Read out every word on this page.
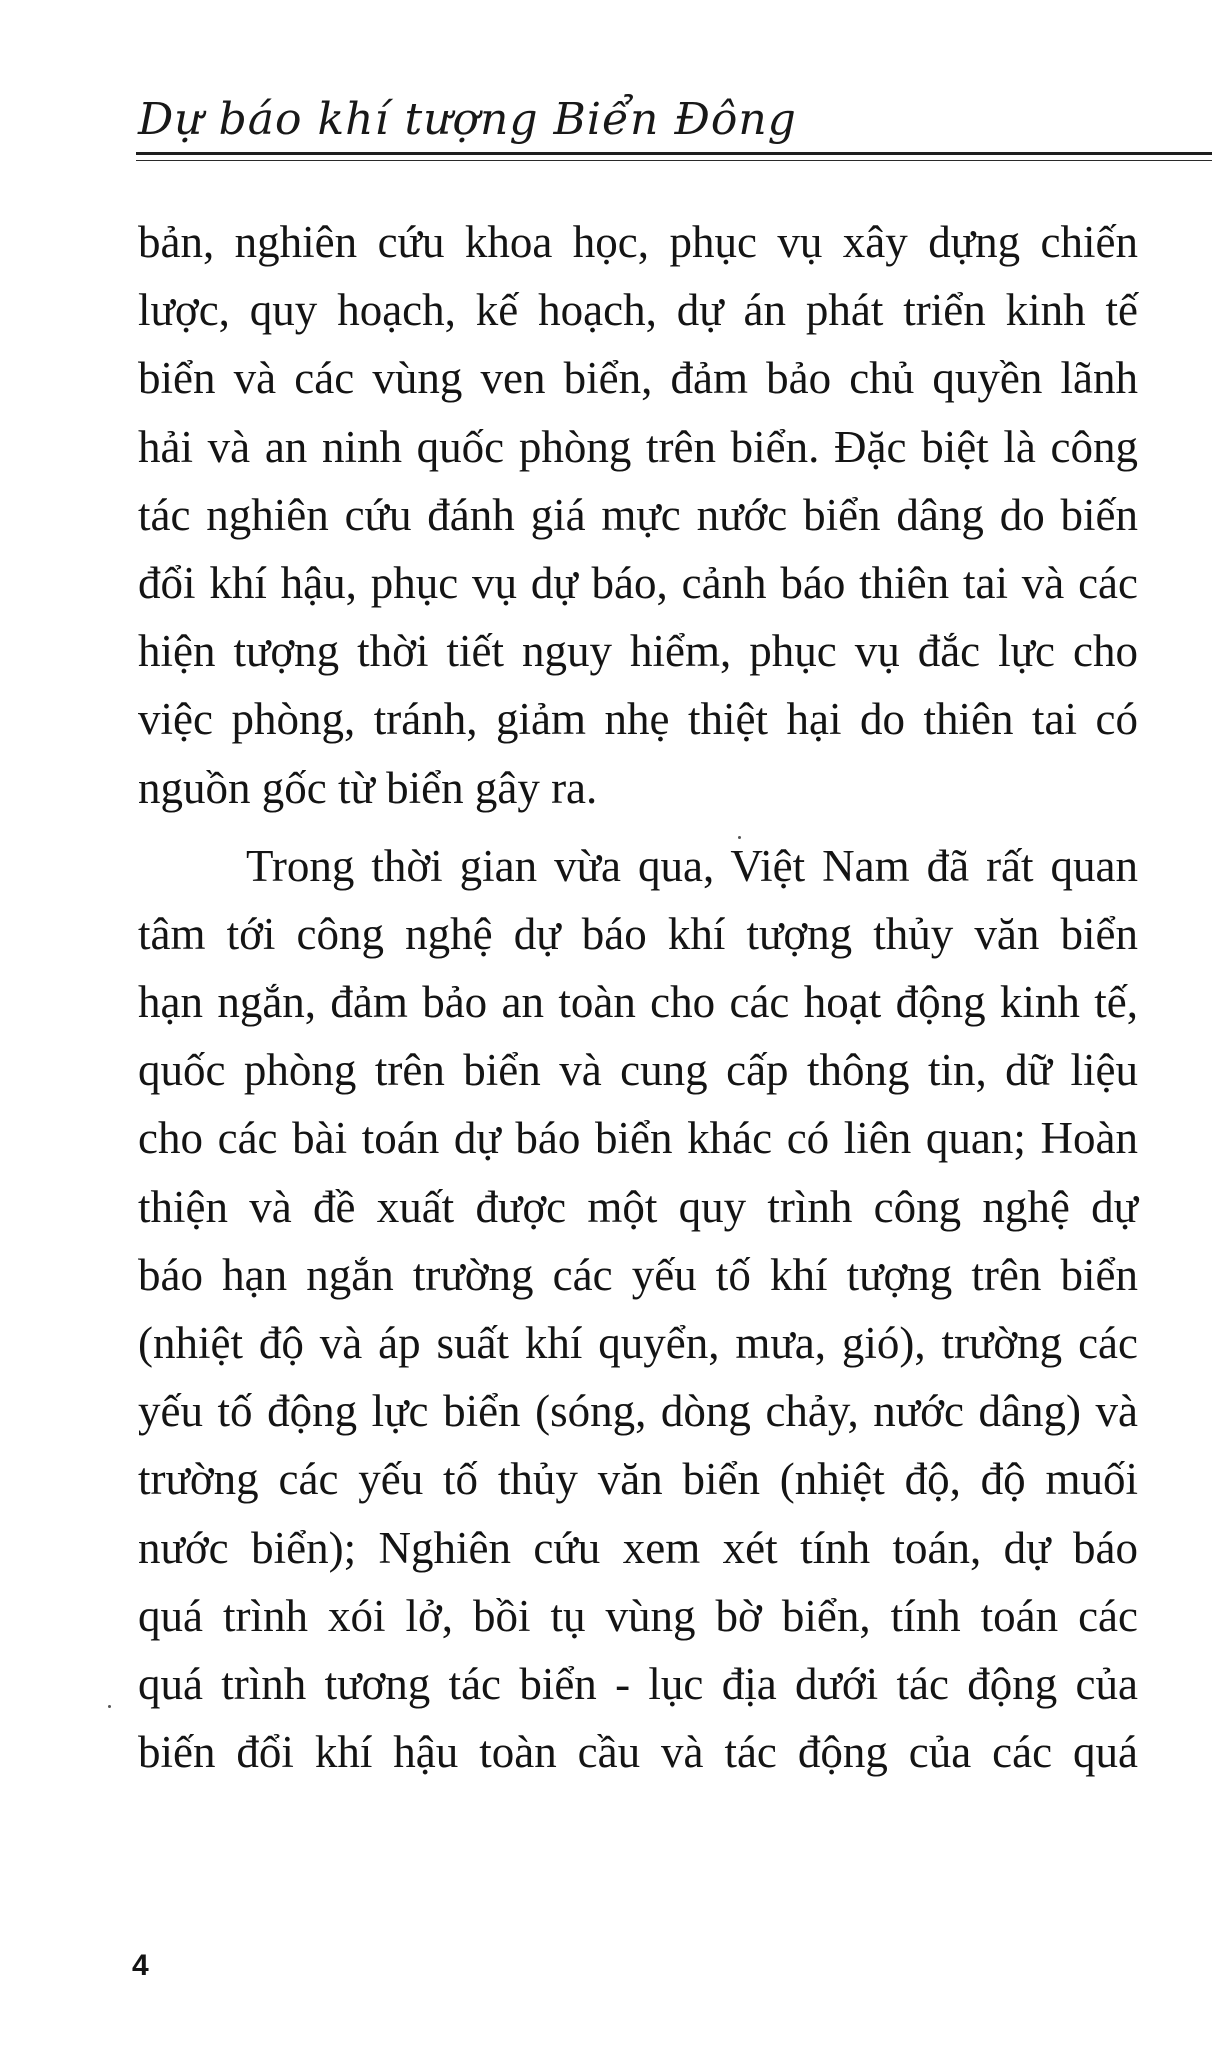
Dự báo khí tượng Biển Đông
bản, nghiên cứu khoa học, phục vụ xây dựng chiến
lược, quy hoạch, kế hoạch, dự án phát triển kinh tế
biển và các vùng ven biển, đảm bảo chủ quyền lãnh
hải và an ninh quốc phòng trên biển. Đặc biệt là công
tác nghiên cứu đánh giá mực nước biển dâng do biến
đổi khí hậu, phục vụ dự báo, cảnh báo thiên tai và các
hiện tượng thời tiết nguy hiểm, phục vụ đắc lực cho
việc phòng, tránh, giảm nhẹ thiệt hại do thiên tai có
nguồn gốc từ biển gây ra.
Trong thời gian vừa qua, Việt Nam đã rất quan
tâm tới công nghệ dự báo khí tượng thủy văn biển
hạn ngắn, đảm bảo an toàn cho các hoạt động kinh tế,
quốc phòng trên biển và cung cấp thông tin, dữ liệu
cho các bài toán dự báo biển khác có liên quan; Hoàn
thiện và đề xuất được một quy trình công nghệ dự
báo hạn ngắn trường các yếu tố khí tượng trên biển
(nhiệt độ và áp suất khí quyển, mưa, gió), trường các
yếu tố động lực biển (sóng, dòng chảy, nước dâng) và
trường các yếu tố thủy văn biển (nhiệt độ, độ muối
nước biển); Nghiên cứu xem xét tính toán, dự báo
quá trình xói lở, bồi tụ vùng bờ biển, tính toán các
quá trình tương tác biển - lục địa dưới tác động của
biến đổi khí hậu toàn cầu và tác động của các quá
4
